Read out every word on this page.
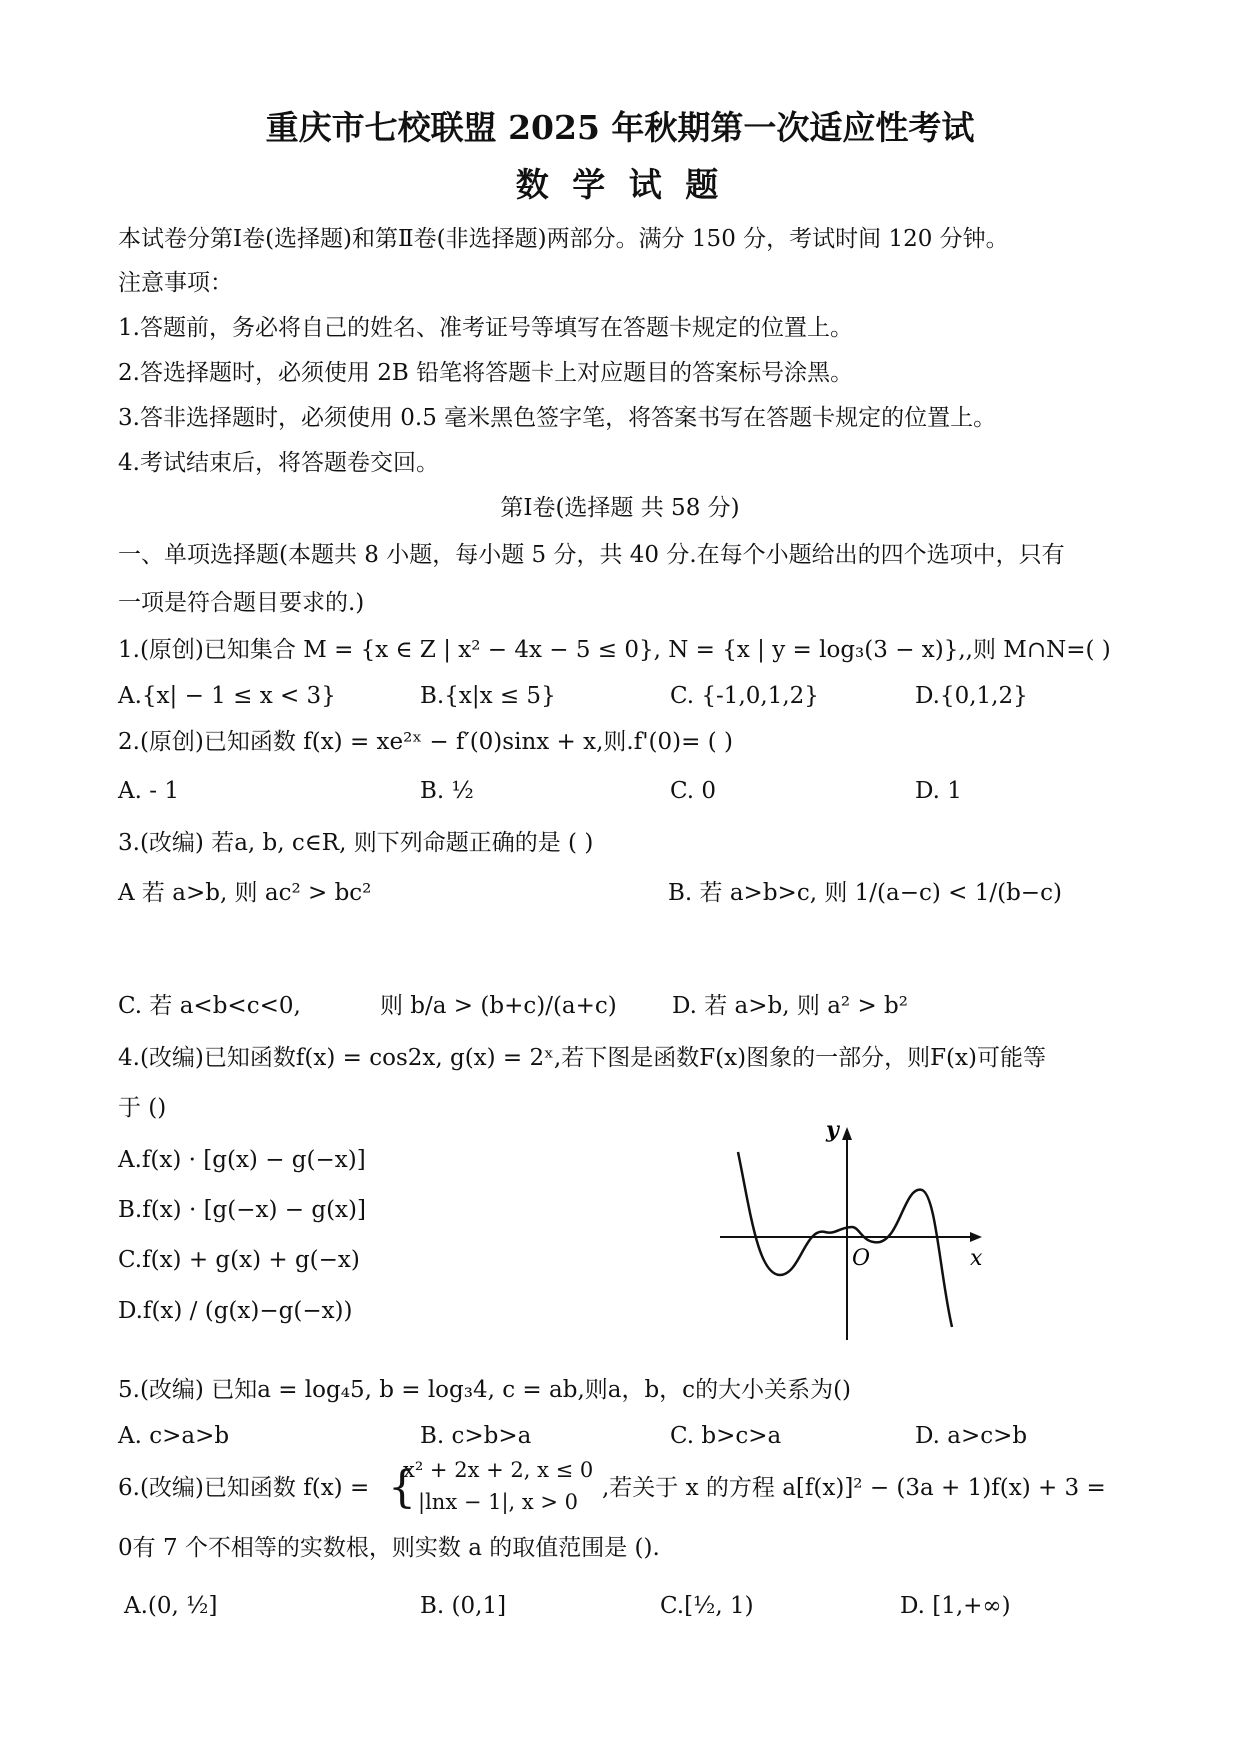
重庆市七校联盟 2025 年秋期第一次适应性考试
数 学 试 题
本试卷分第Ⅰ卷(选择题)和第Ⅱ卷(非选择题)两部分。满分 150 分，考试时间 120 分钟。
注意事项：
1.答题前，务必将自己的姓名、准考证号等填写在答题卡规定的位置上。
2.答选择题时，必须使用 2B 铅笔将答题卡上对应题目的答案标号涂黑。
3.答非选择题时，必须使用 0.5 毫米黑色签字笔，将答案书写在答题卡规定的位置上。
4.考试结束后，将答题卷交回。
第Ⅰ卷(选择题 共 58 分)
一、单项选择题(本题共 8 小题，每小题 5 分，共 40 分.在每个小题给出的四个选项中，只有
一项是符合题目要求的.)
1.(原创)已知集合 M = {x ∈ Z | x² − 4x − 5 ≤ 0}, N = {x | y = log₃(3 − x)},,则 M∩N=( )
A.{x| − 1 ≤ x < 3}	B.{x|x ≤ 5}	C. {-1,0,1,2}	D.{0,1,2}
2.(原创)已知函数 f(x) = xe²ˣ − f′(0)sinx + x,则.f'(0)= ( )
A. - 1	B. ½	C. 0	D. 1
3.(改编) 若a, b, c∈R, 则下列命题正确的是 ( )
A 若 a>b, 则 ac² > bc²	B. 若 a>b>c, 则 1/(a−c) < 1/(b−c)
C. 若 a<b<c<0,	则 b/a > (b+c)/(a+c) D. 若 a>b, 则 a² > b²
4.(改编)已知函数f(x) = cos2x, g(x) = 2ˣ,若下图是函数F(x)图象的一部分，则F(x)可能等
于 ()
A.f(x) · [g(x) − g(−x)]
B.f(x) · [g(−x) − g(x)]
C.f(x) + g(x) + g(−x)
D.f(x) / (g(x)−g(−x))
y
x
O
5.(改编) 已知a = log₄5, b = log₃4, c = ab,则a，b，c的大小关系为()
A. c>a>b	B. c>b>a	C. b>c>a	D. a>c>b
6.(改编)已知函数 f(x) = {
x² + 2x + 2, x ≤ 0
|lnx − 1|, x > 0
,若关于 x 的方程 a[f(x)]² − (3a + 1)f(x) + 3 =
0有 7 个不相等的实数根，则实数 a 的取值范围是 ().
A.(0, ½]	B. (0,1]	C.[½, 1)	D. [1,+∞)
